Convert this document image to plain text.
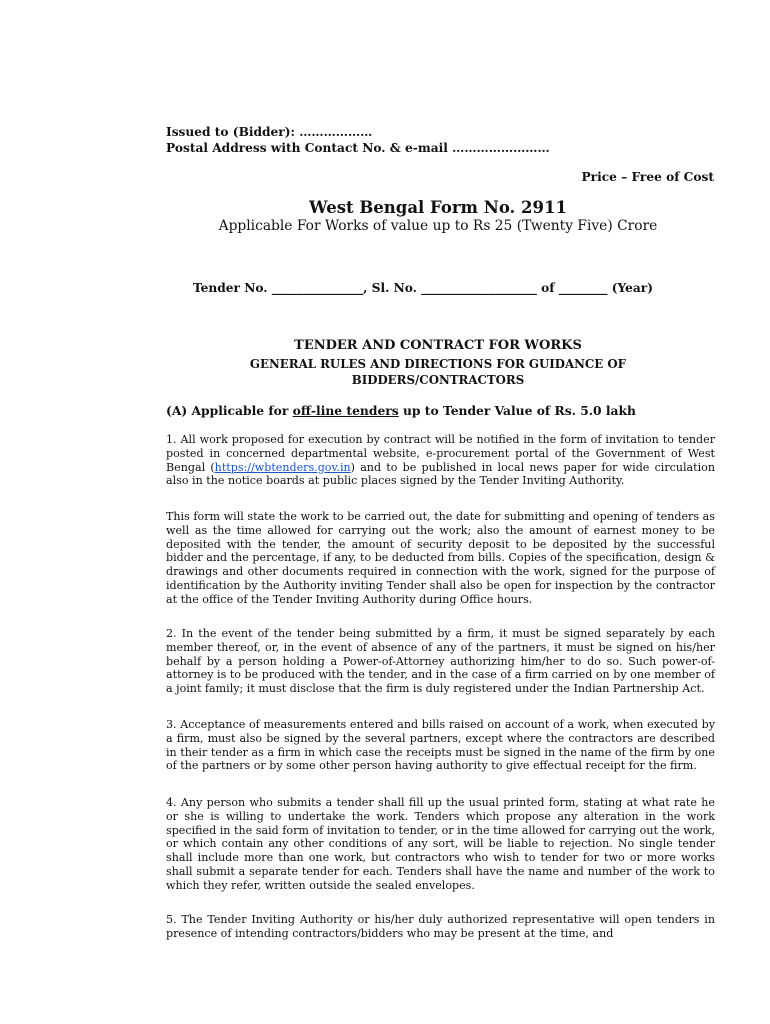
Issued to (Bidder): ………………
Postal Address with Contact No. & e-mail ……………………
Price – Free of Cost
West Bengal Form No. 2911
Applicable For Works of value up to Rs 25 (Twenty Five) Crore
Tender No. _______________, Sl. No. ___________________ of ________ (Year)
TENDER AND CONTRACT FOR WORKS
GENERAL RULES AND DIRECTIONS FOR GUIDANCE OF
BIDDERS/CONTRACTORS
(A) Applicable for off-line tenders up to Tender Value of Rs. 5.0 lakh
1. All work proposed for execution by contract will be notified in the form of invitation to tender posted in concerned departmental website, e-procurement portal of the Government of West Bengal (https://wbtenders.gov.in) and to be published in local news paper for wide circulation also in the notice boards at public places signed by the Tender Inviting Authority.
This form will state the work to be carried out, the date for submitting and opening of tenders as well as the time allowed for carrying out the work; also the amount of earnest money to be deposited with the tender, the amount of security deposit to be deposited by the successful bidder and the percentage, if any, to be deducted from bills. Copies of the specification, design & drawings and other documents required in connection with the work, signed for the purpose of identification by the Authority inviting Tender shall also be open for inspection by the contractor at the office of the Tender Inviting Authority during Office hours.
2. In the event of the tender being submitted by a firm, it must be signed separately by each member thereof, or, in the event of absence of any of the partners, it must be signed on his/her behalf by a person holding a Power-of-Attorney authorizing him/her to do so. Such power-of-attorney is to be produced with the tender, and in the case of a firm carried on by one member of a joint family; it must disclose that the firm is duly registered under the Indian Partnership Act.
3. Acceptance of measurements entered and bills raised on account of a work, when executed by a firm, must also be signed by the several partners, except where the contractors are described in their tender as a firm in which case the receipts must be signed in the name of the firm by one of the partners or by some other person having authority to give effectual receipt for the firm.
4. Any person who submits a tender shall fill up the usual printed form, stating at what rate he or she is willing to undertake the work. Tenders which propose any alteration in the work specified in the said form of invitation to tender, or in the time allowed for carrying out the work, or which contain any other conditions of any sort, will be liable to rejection. No single tender shall include more than one work, but contractors who wish to tender for two or more works shall submit a separate tender for each. Tenders shall have the name and number of the work to which they refer, written outside the sealed envelopes.
5. The Tender Inviting Authority or his/her duly authorized representative will open tenders in presence of intending contractors/bidders who may be present at the time, and
